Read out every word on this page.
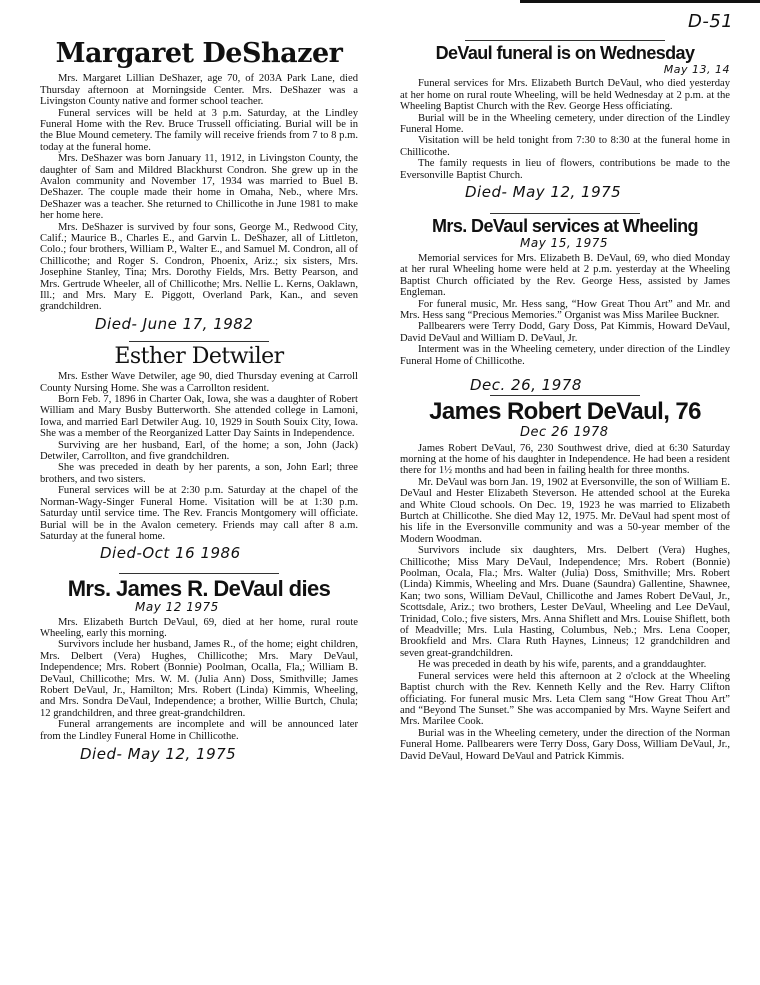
D-51
Margaret DeShazer

Mrs. Margaret Lillian DeShazer, age 70, of 203A Park Lane, died Thursday afternoon at Morningside Center. Mrs. DeShazer was a Livingston County native and former school teacher.

Funeral services will be held at 3 p.m. Saturday, at the Lindley Funeral Home with the Rev. Bruce Trussell officiating. Burial will be in the Blue Mound cemetery. The family will receive friends from 7 to 8 p.m. today at the funeral home.

Mrs. DeShazer was born January 11, 1912, in Livingston County, the daughter of Sam and Mildred Blackhurst Condron. She grew up in the Avalon community and November 17, 1934 was married to Buel B. DeShazer. The couple made their home in Omaha, Neb., where Mrs. DeShazer was a teacher. She returned to Chillicothe in June 1981 to make her home here.

Mrs. DeShazer is survived by four sons, George M., Redwood City, Calif.; Maurice B., Charles E., and Garvin L. DeShazer, all of Littleton, Colo.; four brothers, William P., Walter E., and Samuel M. Condron, all of Chillicothe; and Roger S. Condron, Phoenix, Ariz.; six sisters, Mrs. Josephine Stanley, Tina; Mrs. Dorothy Fields, Mrs. Betty Pearson, and Mrs. Gertrude Wheeler, all of Chillicothe; Mrs. Nellie L. Kerns, Oaklawn, Ill.; and Mrs. Mary E. Piggott, Overland Park, Kan., and seven grandchildren.

Died- June 17, 1982
Esther Detwiler

Mrs. Esther Wave Detwiler, age 90, died Thursday evening at Carroll County Nursing Home. She was a Carrollton resident.

Born Feb. 7, 1896 in Charter Oak, Iowa, she was a daughter of Robert William and Mary Busby Butterworth. She attended college in Lamoni, Iowa, and married Earl Detwiler Aug. 10, 1929 in South Souix City, Iowa. She was a member of the Reorganized Latter Day Saints in Independence.

Surviving are her husband, Earl, of the home; a son, John (Jack) Detwiler, Carrollton, and five grandchildren.

She was preceded in death by her parents, a son, John Earl; three brothers, and two sisters.

Funeral services will be at 2:30 p.m. Saturday at the chapel of the Norman-Wagy-Singer Funeral Home. Visitation will be at 1:30 p.m. Saturday until service time. The Rev. Francis Montgomery will officiate. Burial will be in the Avalon cemetery. Friends may call after 8 a.m. Saturday at the funeral home.

Died-Oct 16 1986
Mrs. James R. DeVaul dies
May 12 1975

Mrs. Elizabeth Burtch DeVaul, 69, died at her home, rural route Wheeling, early this morning.

Survivors include her husband, James R., of the home; eight children, Mrs. Delbert (Vera) Hughes, Chillicothe; Mrs. Mary DeVaul, Independence; Mrs. Robert (Bonnie) Poolman, Ocalla, Fla,; William B. DeVaul, Chillicothe; Mrs. W. M. (Julia Ann) Doss, Smithville; James Robert DeVaul, Jr., Hamilton; Mrs. Robert (Linda) Kimmis, Wheeling, and Mrs. Sondra DeVaul, Independence; a brother, Willie Burtch, Chula; 12 grandchildren, and three great-grandchildren.

Funeral arrangements are incomplete and will be announced later from the Lindley Funeral Home in Chillicothe.

Died- May 12, 1975
DeVaul funeral is on Wednesday
May 13, 14

Funeral services for Mrs. Elizabeth Burtch DeVaul, who died yesterday at her home on rural route Wheeling, will be held Wednesday at 2 p.m. at the Wheeling Baptist Church with the Rev. George Hess officiating.

Burial will be in the Wheeling cemetery, under direction of the Lindley Funeral Home.

Visitation will be held tonight from 7:30 to 8:30 at the funeral home in Chillicothe.

The family requests in lieu of flowers, contributions be made to the Eversonville Baptist Church.

Died- May 12, 1975
Mrs. DeVaul services at Wheeling
May 15, 1975

Memorial services for Mrs. Elizabeth B. DeVaul, 69, who died Monday at her rural Wheeling home were held at 2 p.m. yesterday at the Wheeling Baptist Church officiated by the Rev. George Hess, assisted by James Engleman.

For funeral music, Mr. Hess sang, “How Great Thou Art” and Mr. and Mrs. Hess sang “Precious Memories.” Organist was Miss Marilee Buckner.

Pallbearers were Terry Dodd, Gary Doss, Pat Kimmis, Howard DeVaul, David DeVaul and William D. DeVaul, Jr.

Interment was in the Wheeling cemetery, under direction of the Lindley Funeral Home of Chillicothe.

Dec. 26, 1978
James Robert DeVaul, 76
Dec 26 1978

James Robert DeVaul, 76, 230 Southwest drive, died at 6:30 Saturday morning at the home of his daughter in Independence. He had been a resident there for 1½ months and had been in failing health for three months.

Mr. DeVaul was born Jan. 19, 1902 at Eversonville, the son of William E. DeVaul and Hester Elizabeth Steverson. He attended school at the Eureka and White Cloud schools. On Dec. 19, 1923 he was married to Elizabeth Burtch at Chillicothe. She died May 12, 1975. Mr. DeVaul had spent most of his life in the Eversonville community and was a 50-year member of the Modern Woodman.

Survivors include six daughters, Mrs. Delbert (Vera) Hughes, Chillicothe; Miss Mary DeVaul, Independence; Mrs. Robert (Bonnie) Poolman, Ocala, Fla.; Mrs. Walter (Julia) Doss, Smithville; Mrs. Robert (Linda) Kimmis, Wheeling and Mrs. Duane (Saundra) Gallentine, Shawnee, Kan; two sons, William DeVaul, Chillicothe and James Robert DeVaul, Jr., Scottsdale, Ariz.; two brothers, Lester DeVaul, Wheeling and Lee DeVaul, Trinidad, Colo.; five sisters, Mrs. Anna Shiflett and Mrs. Louise Shiflett, both of Meadville; Mrs. Lula Hasting, Columbus, Neb.; Mrs. Lena Cooper, Brookfield and Mrs. Clara Ruth Haynes, Linneus; 12 grandchildren and seven great-grandchildren.

He was preceded in death by his wife, parents, and a granddaughter.

Funeral services were held this afternoon at 2 o'clock at the Wheeling Baptist church with the Rev. Kenneth Kelly and the Rev. Harry Clifton officiating. For funeral music Mrs. Leta Clem sang “How Great Thou Art” and “Beyond The Sunset.” She was accompanied by Mrs. Wayne Seifert and Mrs. Marilee Cook.

Burial was in the Wheeling cemetery, under the direction of the Norman Funeral Home. Pallbearers were Terry Doss, Gary Doss, William DeVaul, Jr., David DeVaul, Howard DeVaul and Patrick Kimmis.
